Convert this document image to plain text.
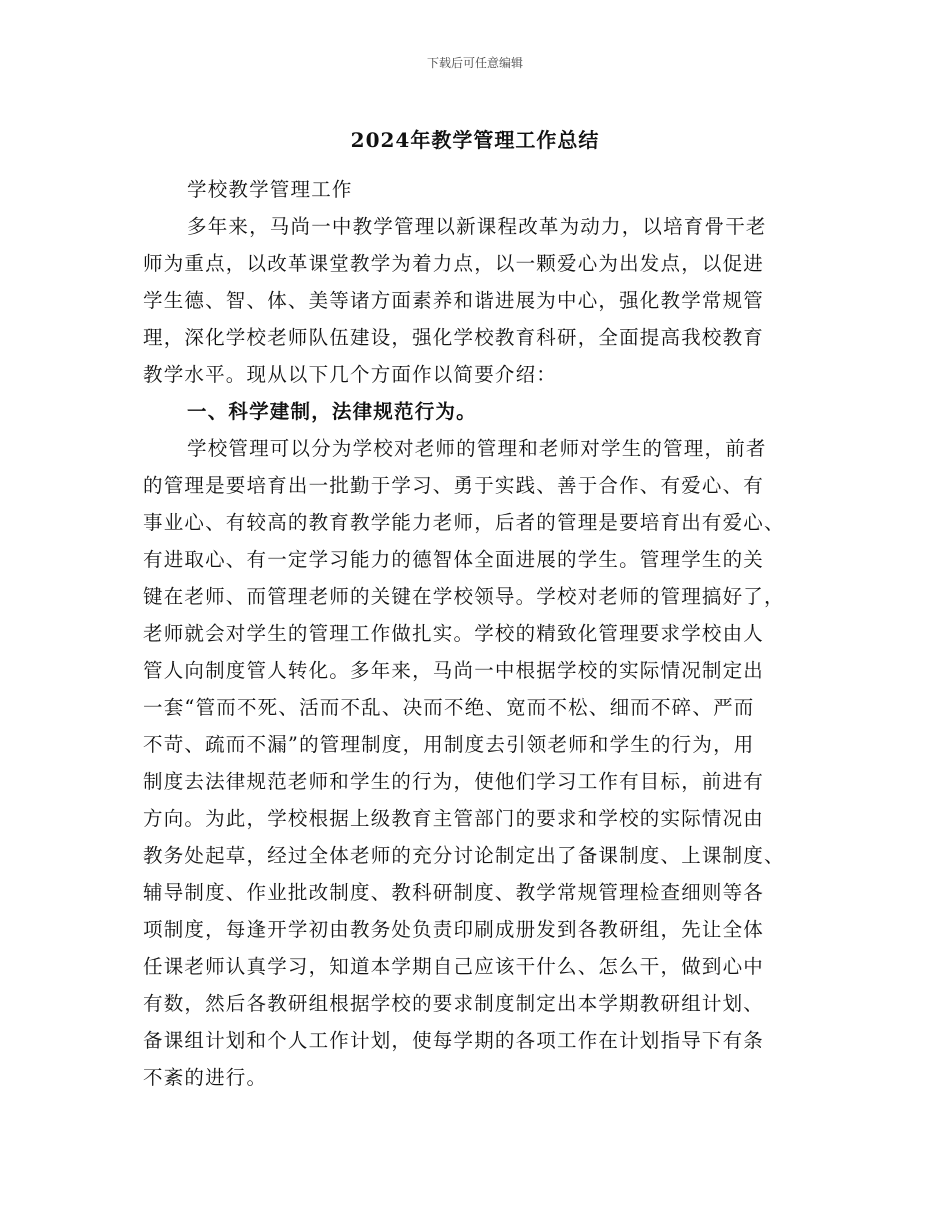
下载后可任意编辑
2024年教学管理工作总结
学校教学管理工作
多年来，马尚一中教学管理以新课程改革为动力，以培育骨干老
师为重点，以改革课堂教学为着力点，以一颗爱心为出发点，以促进
学生德、智、体、美等诸方面素养和谐进展为中心，强化教学常规管
理，深化学校老师队伍建设，强化学校教育科研，全面提高我校教育
教学水平。现从以下几个方面作以简要介绍：
一、科学建制，法律规范行为。
学校管理可以分为学校对老师的管理和老师对学生的管理，前者
的管理是要培育出一批勤于学习、勇于实践、善于合作、有爱心、有
事业心、有较高的教育教学能力老师，后者的管理是要培育出有爱心、
有进取心、有一定学习能力的德智体全面进展的学生。管理学生的关
键在老师、而管理老师的关键在学校领导。学校对老师的管理搞好了，
老师就会对学生的管理工作做扎实。学校的精致化管理要求学校由人
管人向制度管人转化。多年来，马尚一中根据学校的实际情况制定出
一套“管而不死、活而不乱、决而不绝、宽而不松、细而不碎、严而
不苛、疏而不漏”的管理制度，用制度去引领老师和学生的行为，用
制度去法律规范老师和学生的行为，使他们学习工作有目标，前进有
方向。为此，学校根据上级教育主管部门的要求和学校的实际情况由
教务处起草，经过全体老师的充分讨论制定出了备课制度、上课制度、
辅导制度、作业批改制度、教科研制度、教学常规管理检查细则等各
项制度，每逢开学初由教务处负责印刷成册发到各教研组，先让全体
任课老师认真学习，知道本学期自己应该干什么、怎么干，做到心中
有数，然后各教研组根据学校的要求制度制定出本学期教研组计划、
备课组计划和个人工作计划，使每学期的各项工作在计划指导下有条
不紊的进行。
